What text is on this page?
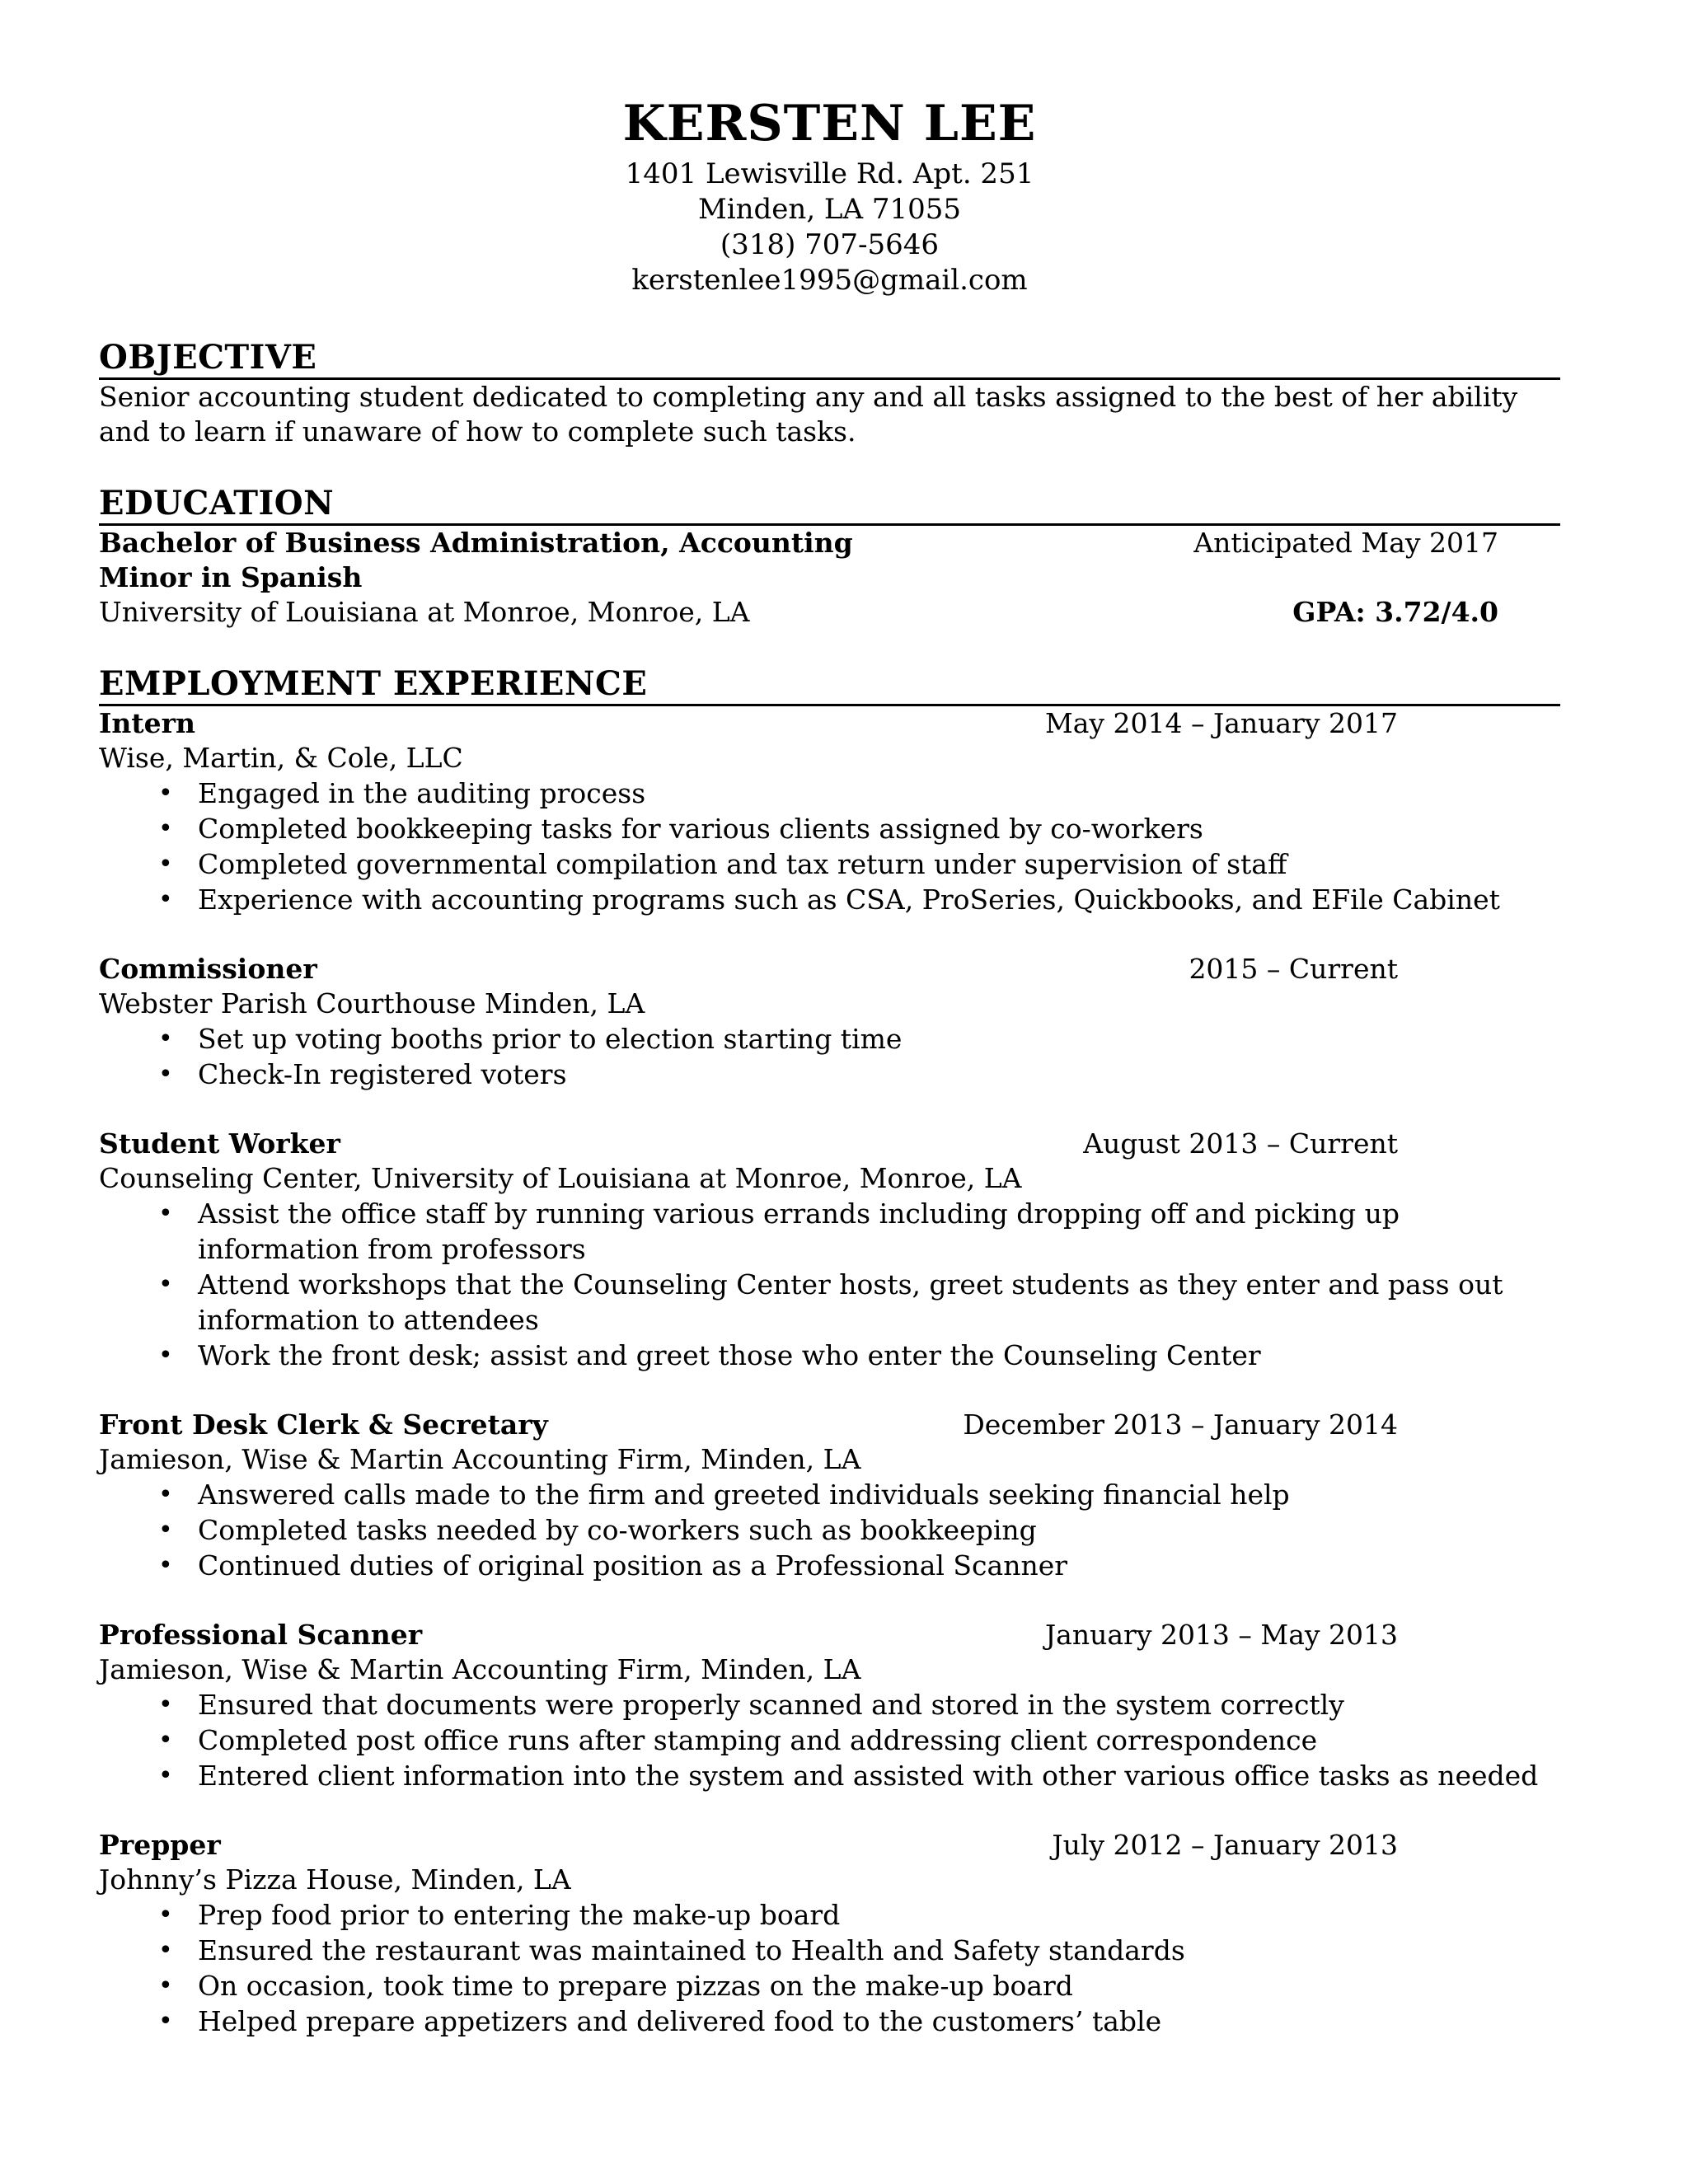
KERSTEN LEE
1401 Lewisville Rd. Apt. 251
Minden, LA 71055
(318) 707-5646
kerstenlee1995@gmail.com
OBJECTIVE
Senior accounting student dedicated to completing any and all tasks assigned to the best of her ability and to learn if unaware of how to complete such tasks.
EDUCATION
Bachelor of Business Administration, Accounting	Anticipated May 2017
Minor in Spanish
University of Louisiana at Monroe, Monroe, LA	GPA: 3.72/4.0
EMPLOYMENT EXPERIENCE
Intern	May 2014 – January 2017
Wise, Martin, & Cole, LLC
• Engaged in the auditing process
• Completed bookkeeping tasks for various clients assigned by co-workers
• Completed governmental compilation and tax return under supervision of staff
• Experience with accounting programs such as CSA, ProSeries, Quickbooks, and EFile Cabinet
Commissioner	2015 – Current
Webster Parish Courthouse Minden, LA
• Set up voting booths prior to election starting time
• Check-In registered voters
Student Worker	August 2013 – Current
Counseling Center, University of Louisiana at Monroe, Monroe, LA
• Assist the office staff by running various errands including dropping off and picking up information from professors
• Attend workshops that the Counseling Center hosts, greet students as they enter and pass out information to attendees
• Work the front desk; assist and greet those who enter the Counseling Center
Front Desk Clerk & Secretary	December 2013 – January 2014
Jamieson, Wise & Martin Accounting Firm, Minden, LA
• Answered calls made to the firm and greeted individuals seeking financial help
• Completed tasks needed by co-workers such as bookkeeping
• Continued duties of original position as a Professional Scanner
Professional Scanner	January 2013 – May 2013
Jamieson, Wise & Martin Accounting Firm, Minden, LA
• Ensured that documents were properly scanned and stored in the system correctly
• Completed post office runs after stamping and addressing client correspondence
• Entered client information into the system and assisted with other various office tasks as needed
Prepper	July 2012 – January 2013
Johnny’s Pizza House, Minden, LA
• Prep food prior to entering the make-up board
• Ensured the restaurant was maintained to Health and Safety standards
• On occasion, took time to prepare pizzas on the make-up board
• Helped prepare appetizers and delivered food to the customers’ table
